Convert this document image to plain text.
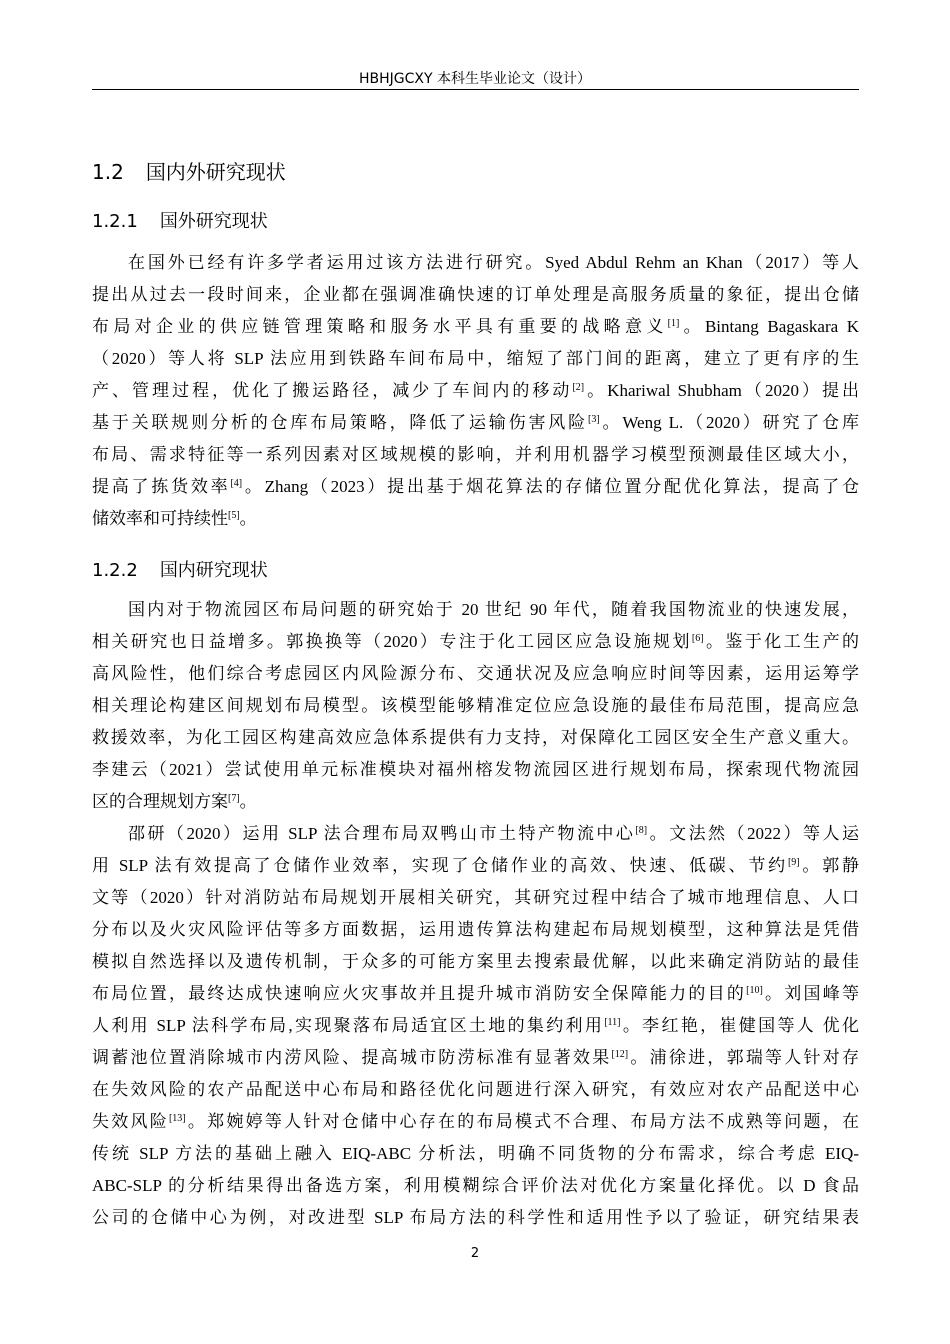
HBHJGCXY 本科生毕业论文（设计）
1.2 国内外研究现状
1.2.1 国外研究现状
在国外已经有许多学者运用过该方法进行研究。Syed Abdul Rehm an Khan（2017）等人
提出从过去一段时间来，企业都在强调准确快速的订单处理是高服务质量的象征，提出仓储
布局对企业的供应链管理策略和服务水平具有重要的战略意义[1]。Bintang Bagaskara K
（2020）等人将 SLP 法应用到铁路车间布局中，缩短了部门间的距离，建立了更有序的生
产、管理过程，优化了搬运路径，减少了车间内的移动[2]。Khariwal Shubham（2020）提出
基于关联规则分析的仓库布局策略，降低了运输伤害风险[3]。Weng L.（2020）研究了仓库
布局、需求特征等一系列因素对区域规模的影响，并利用机器学习模型预测最佳区域大小，
提高了拣货效率[4]。Zhang（2023）提出基于烟花算法的存储位置分配优化算法，提高了仓
储效率和可持续性[5]。
1.2.2 国内研究现状
国内对于物流园区布局问题的研究始于 20 世纪 90 年代，随着我国物流业的快速发展，
相关研究也日益增多。郭换换等（2020）专注于化工园区应急设施规划[6]。鉴于化工生产的
高风险性，他们综合考虑园区内风险源分布、交通状况及应急响应时间等因素，运用运筹学
相关理论构建区间规划布局模型。该模型能够精准定位应急设施的最佳布局范围，提高应急
救援效率，为化工园区构建高效应急体系提供有力支持，对保障化工园区安全生产意义重大。
李建云（2021）尝试使用单元标准模块对福州榕发物流园区进行规划布局，探索现代物流园
区的合理规划方案[7]。
邵研（2020）运用 SLP 法合理布局双鸭山市土特产物流中心[8]。文法然（2022）等人运
用 SLP 法有效提高了仓储作业效率，实现了仓储作业的高效、快速、低碳、节约[9]。郭静
文等（2020）针对消防站布局规划开展相关研究，其研究过程中结合了城市地理信息、人口
分布以及火灾风险评估等多方面数据，运用遗传算法构建起布局规划模型，这种算法是凭借
模拟自然选择以及遗传机制，于众多的可能方案里去搜索最优解，以此来确定消防站的最佳
布局位置，最终达成快速响应火灾事故并且提升城市消防安全保障能力的目的[10]。刘国峰等
人利用 SLP 法科学布局,实现聚落布局适宜区土地的集约利用[11]。李红艳，崔健国等人 优化
调蓄池位置消除城市内涝风险、提高城市防涝标准有显著效果[12]。浦徐进，郭瑞等人针对存
在失效风险的农产品配送中心布局和路径优化问题进行深入研究，有效应对农产品配送中心
失效风险[13]。郑婉婷等人针对仓储中心存在的布局模式不合理、布局方法不成熟等问题，在
传统 SLP 方法的基础上融入 EIQ-ABC 分析法，明确不同货物的分布需求，综合考虑 EIQ-
ABC-SLP 的分析结果得出备选方案，利用模糊综合评价法对优化方案量化择优。以 D 食品
公司的仓储中心为例，对改进型 SLP 布局方法的科学性和适用性予以了验证，研究结果表
2
